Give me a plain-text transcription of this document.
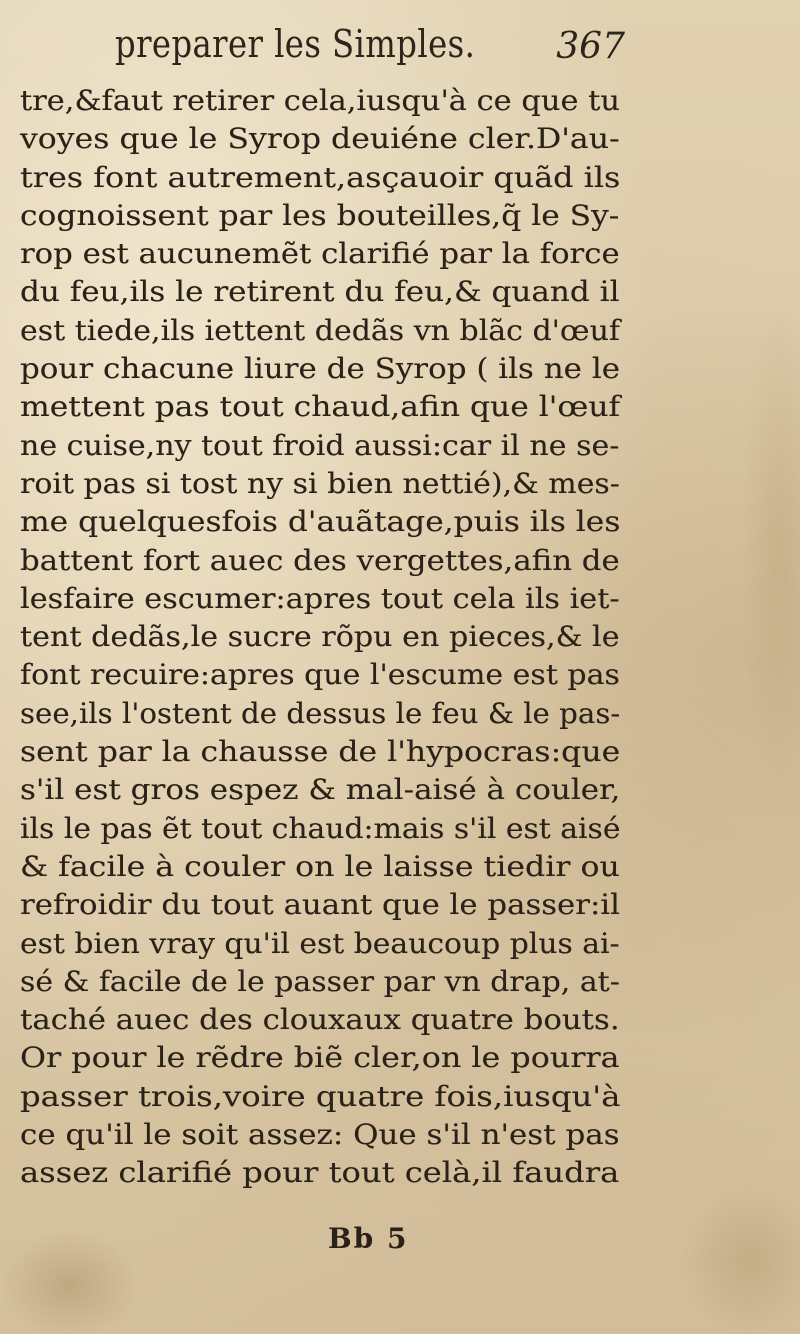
preparer les Simples. 367
tre,&faut retirer cela,iusqu'à ce que tu
voyes que le Syrop deuiéne cler.D'au-
tres font autrement,asçauoir quãd ils
cognoissent par les bouteilles,q̃ le Sy-
rop est aucunemẽt clarifié par la force
du feu,ils le retirent du feu,& quand il
est tiede,ils iettent dedãs vn blãc d'œuf
pour chacune liure de Syrop ( ils ne le
mettent pas tout chaud,afin que l'œuf
ne cuise,ny tout froid aussi:car il ne se-
roit pas si tost ny si bien nettié),& mes-
me quelquesfois d'auãtage,puis ils les
battent fort auec des vergettes,afin de
lesfaire escumer:apres tout cela ils iet-
tent dedãs,le sucre rõpu en pieces,& le
font recuire:apres que l'escume est pas
see,ils l'ostent de dessus le feu & le pas-
sent par la chausse de l'hypocras:que
s'il est gros espez & mal-aisé à couler,
ils le pas ẽt tout chaud:mais s'il est aisé
& facile à couler on le laisse tiedir ou
refroidir du tout auant que le passer:il
est bien vray qu'il est beaucoup plus ai-
sé & facile de le passer par vn drap, at-
taché auec des clouxaux quatre bouts.
Or pour le rẽdre biẽ cler,on le pourra
passer trois,voire quatre fois,iusqu'à
ce qu'il le soit assez: Que s'il n'est pas
assez clarifié pour tout celà,il faudra
Bb 5
